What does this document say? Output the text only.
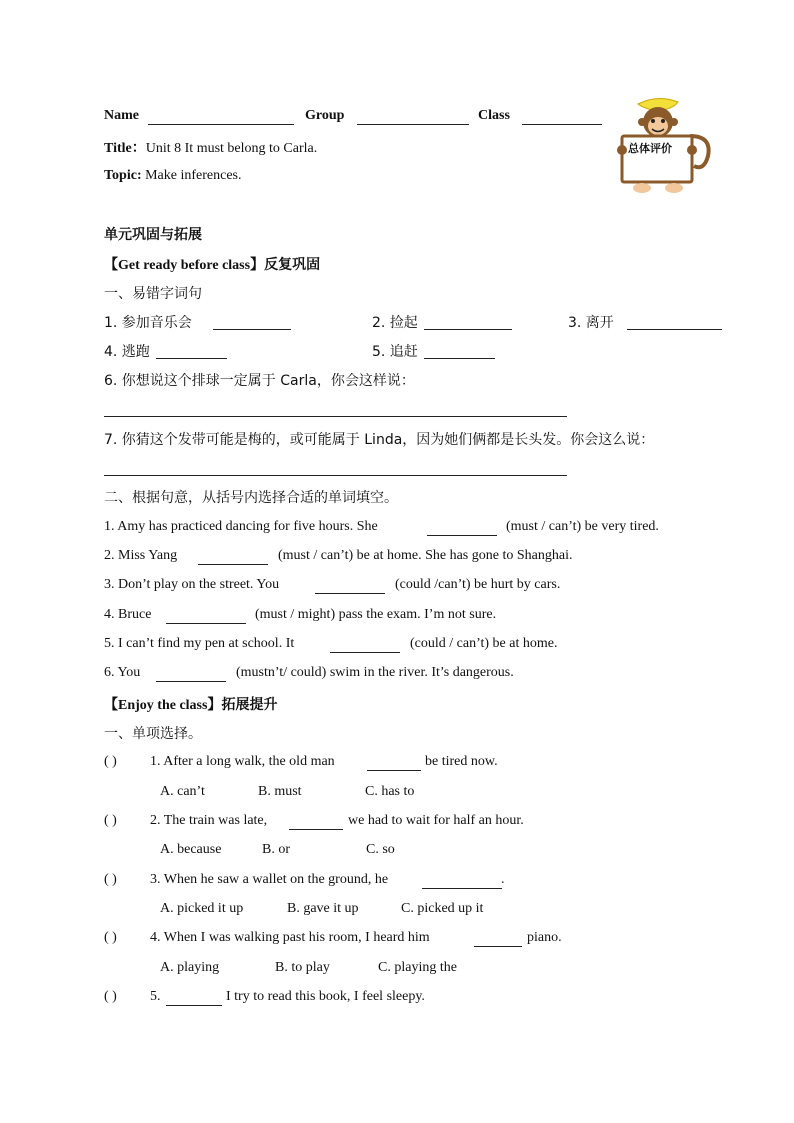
Name	Group	Class
Title：Unit 8 It must belong to Carla.
Topic: Make inferences.
总体评价
单元巩固与拓展
【Get ready before class】反复巩固
一、易错字词句
1. 参加音乐会	2. 捡起	3. 离开
4. 逃跑	5. 追赶
6. 你想说这个排球一定属于 Carla，你会这样说：
7. 你猜这个发带可能是梅的，或可能属于 Linda，因为她们俩都是长头发。你会这么说：
二、根据句意，从括号内选择合适的单词填空。
1. Amy has practiced dancing for five hours. She	(must / can’t) be very tired.
2. Miss Yang	(must / can’t) be at home. She has gone to Shanghai.
3. Don’t play on the street. You	(could /can’t) be hurt by cars.
4. Bruce	(must / might) pass the exam. I’m not sure.
5. I can’t find my pen at school. It	(could / can’t) be at home.
6. You	(mustn’t/ could) swim in the river. It’s dangerous.
【Enjoy the class】拓展提升
一、单项选择。
( ) 1. After a long walk, the old man	be tired now.
A. can’t	B. must	C. has to
( ) 2. The train was late,	we had to wait for half an hour.
A. because	B. or	C. so
( ) 3. When he saw a wallet on the ground, he	.
A. picked it up	B. gave it up	C. picked up it
( ) 4. When I was walking past his room, I heard him	piano.
A. playing	B. to play	C. playing the
( ) 5.	I try to read this book, I feel sleepy.
